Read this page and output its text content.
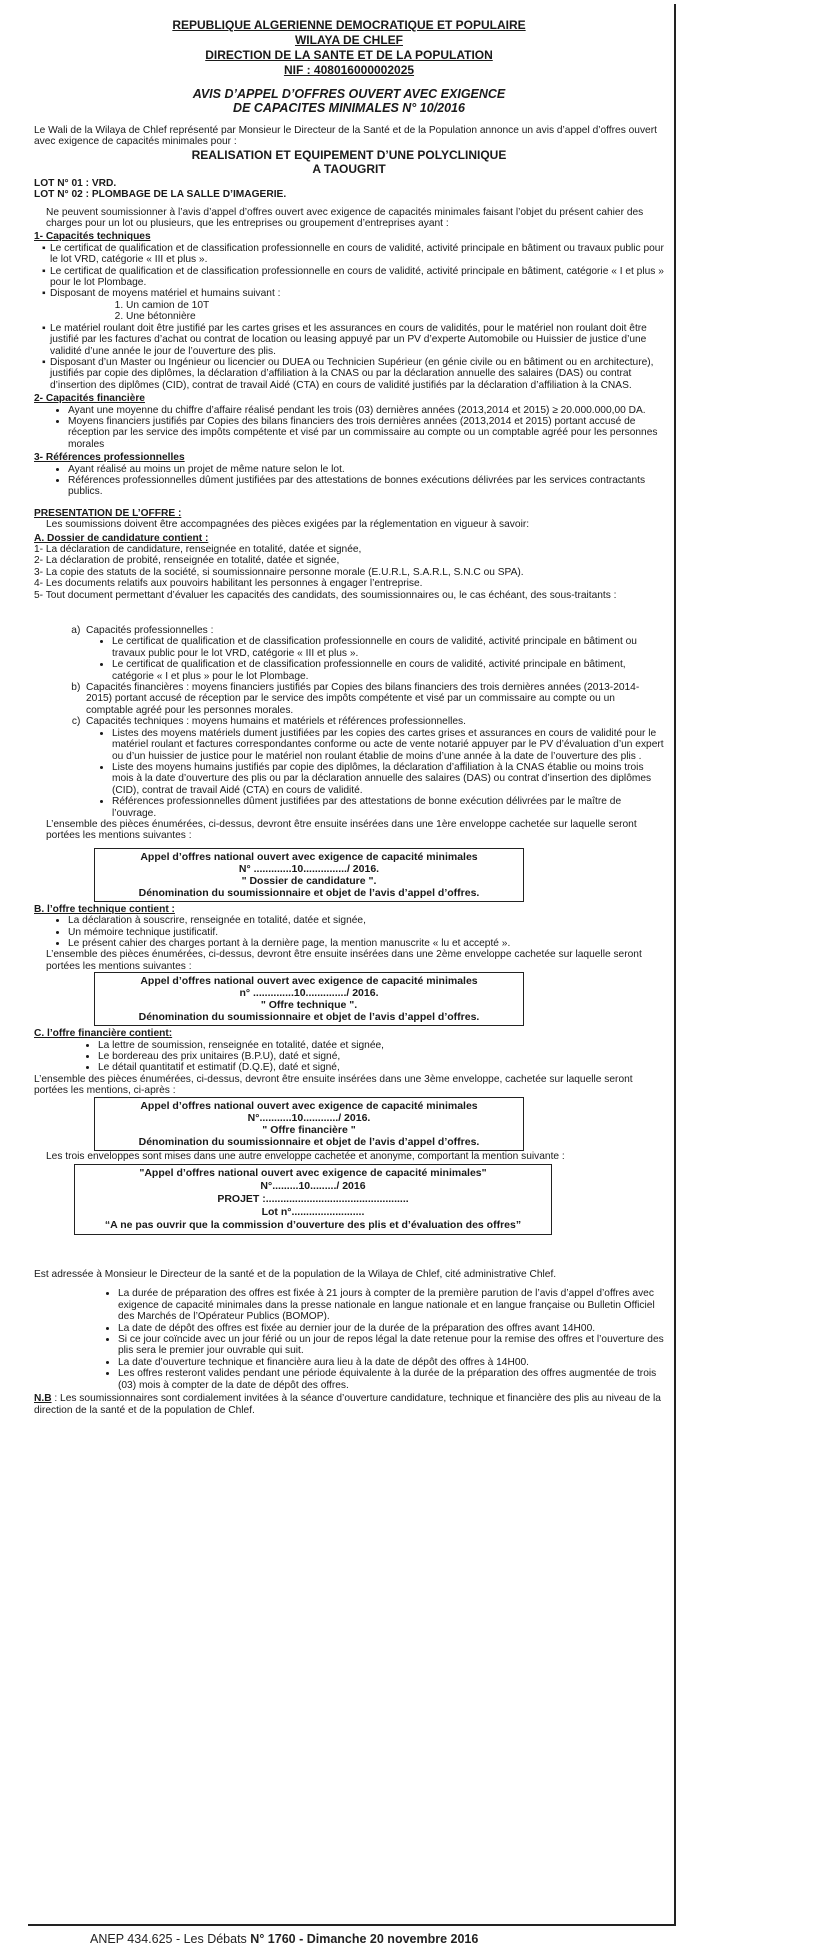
REPUBLIQUE ALGERIENNE DEMOCRATIQUE ET POPULAIRE
WILAYA DE CHLEF
DIRECTION DE LA SANTE ET DE LA POPULATION
NIF : 408016000002025
AVIS D’APPEL D’OFFRES OUVERT AVEC EXIGENCE
DE CAPACITES MINIMALES N° 10/2016

Le Wali de la Wilaya de Chlef représenté par Monsieur le Directeur de la Santé et de la Population annonce un avis d’appel d’offres ouvert avec exigence de capacités minimales pour :

REALISATION ET EQUIPEMENT D’UNE POLYCLINIQUE
A TAOUGRIT
LOT N° 01 : VRD.
LOT N° 02 : PLOMBAGE DE LA SALLE D’IMAGERIE.

Ne peuvent soumissionner à l’avis d’appel d’offres ouvert avec exigence de capacités minimales faisant l’objet du présent cahier des charges pour un lot ou plusieurs, que les entreprises ou groupement d’entreprises ayant :

1- Capacités techniques
▪ Le certificat de qualification et de classification professionnelle en cours de validité, activité principale en bâtiment ou travaux public pour le lot VRD, catégorie « III et plus ».
▪ Le certificat de qualification et de classification professionnelle en cours de validité, activité principale en bâtiment, catégorie « I et plus » pour le lot Plombage.
▪ Disposant de moyens matériel et humains suivant :
1. Un camion de 10T
2. Une bétonnière
▪ Le matériel roulant doit être justifié par les cartes grises et les assurances en cours de validités, pour le matériel non roulant doit être justifié par les factures d’achat ou contrat de location ou leasing appuyé par un PV d’experte Automobile ou Huissier de justice d’une validité d’une année le jour de l’ouverture des plis.
▪ Disposant d’un Master ou Ingénieur ou licencier ou DUEA ou Technicien Supérieur (en génie civile ou en bâtiment ou en architecture), justifiés par copie des diplômes, la déclaration d’affiliation à la CNAS ou par la déclaration annuelle des salaires (DAS) ou contrat d’insertion des diplômes (CID), contrat de travail Aidé (CTA) en cours de validité justifiés par la déclaration d’affiliation à la CNAS.
2- Capacités financière
• Ayant une moyenne du chiffre d’affaire réalisé pendant les trois (03) dernières années (2013,2014 et 2015) ≥ 20.000.000,00 DA.
• Moyens financiers justifiés par Copies des bilans financiers des trois dernières années (2013,2014 et 2015) portant accusé de réception par les service des impôts compétente et visé par un commissaire au compte ou un comptable agréé pour les personnes morales
3- Références professionnelles
• Ayant réalisé au moins un projet de même nature selon le lot.
• Références professionnelles dûment justifiées par des attestations de bonnes exécutions délivrées par les services contractants publics.
PRESENTATION DE L’OFFRE :

Les soumissions doivent être accompagnées des pièces exigées par la réglementation en vigueur à savoir:

A. Dossier de candidature contient :
1- La déclaration de candidature, renseignée en totalité, datée et signée,
2- La déclaration de probité, renseignée en totalité, datée et signée,
3- La copie des statuts de la société, si soumissionnaire personne morale (E.U.R.L, S.A.R.L, S.N.C ou SPA).
4- Les documents relatifs aux pouvoirs habilitant les personnes à engager l’entreprise.
5- Tout document permettant d’évaluer les capacités des candidats, des soumissionnaires ou, le cas échéant, des sous-traitants :
a. Capacités professionnelles :
• Le certificat de qualification et de classification professionnelle en cours de validité, activité principale en bâtiment ou travaux public pour le lot VRD, catégorie « III et plus ».
• Le certificat de qualification et de classification professionnelle en cours de validité, activité principale en bâtiment, catégorie « I et plus » pour le lot Plombage.
b. Capacités financières : moyens financiers justifiés par Copies des bilans financiers des trois dernières années (2013-2014-2015) portant accusé de réception par le service des impôts compétente et visé par un commissaire au compte ou un comptable agréé pour les personnes morales.
c. Capacités techniques : moyens humains et matériels et références professionnelles.
• Listes des moyens matériels dument justifiées par les copies des cartes grises et assurances en cours de validité pour le matériel roulant et factures correspondantes conforme ou acte de vente notarié appuyer par le PV d’évaluation d’un expert ou d’un huissier de justice pour le matériel non roulant établie de moins d’une année à la date de l’ouverture des plis .
• Liste des moyens humains justifiés par copie des diplômes, la déclaration d’affiliation à la CNAS établie ou moins trois mois à la date d’ouverture des plis ou par la déclaration annuelle des salaires (DAS) ou contrat d’insertion des diplômes (CID), contrat de travail Aidé (CTA) en cours de validité.
• Références professionnelles dûment justifiées par des attestations de bonne exécution délivrées par le maître de l’ouvrage.

L’ensemble des pièces énumérées, ci-dessus, devront être ensuite insérées dans une 1ère enveloppe cachetée sur laquelle seront portées les mentions suivantes :

Appel d’offres national ouvert avec exigence de capacité minimales
N° .............10.............../ 2016.
" Dossier de candidature ".
Dénomination du soumissionnaire et objet de l’avis d’appel d’offres.
B. l’offre technique contient :
• La déclaration à souscrire, renseignée en totalité, datée et signée,
• Un mémoire technique justificatif.
• Le présent cahier des charges portant à la dernière page, la mention manuscrite « lu et accepté ».

L’ensemble des pièces énumérées, ci-dessus, devront être ensuite insérées dans une 2ème enveloppe cachetée sur laquelle seront portées les mentions suivantes :

Appel d’offres national ouvert avec exigence de capacité minimales
n° ..............10............../ 2016.
" Offre technique ".
Dénomination du soumissionnaire et objet de l’avis d’appel d’offres.
C. l’offre financière contient:
• La lettre de soumission, renseignée en totalité, datée et signée,
• Le bordereau des prix unitaires (B.P.U), daté et signé,
• Le détail quantitatif et estimatif (D.Q.E), daté et signé,

L’ensemble des pièces énumérées, ci-dessus, devront être ensuite insérées dans une 3ème enveloppe, cachetée sur laquelle seront portées les mentions, ci-après :

Appel d’offres national ouvert avec exigence de capacité minimales
N°...........10............/ 2016.
" Offre financière "
Dénomination du soumissionnaire et objet de l’avis d’appel d’offres.

Les trois enveloppes sont mises dans une autre enveloppe cachetée et anonyme, comportant la mention suivante :

"Appel d’offres national ouvert avec exigence de capacité minimales"
N°.........10........./ 2016
PROJET :.................................................
Lot n°.........................
“A ne pas ouvrir que la commission d’ouverture des plis et d’évaluation des offres”

Est adressée à Monsieur le Directeur de la santé et de la population de la Wilaya de Chlef, cité administrative Chlef.

• La durée de préparation des offres est fixée à 21 jours à compter de la première parution de l’avis d’appel d’offres avec exigence de capacité minimales dans la presse nationale en langue nationale et en langue française ou Bulletin Officiel des Marchés de l’Opérateur Publics (BOMOP).
• La date de dépôt des offres est fixée au dernier jour de la durée de la préparation des offres avant 14H00.
• Si ce jour coïncide avec un jour férié ou un jour de repos légal la date retenue pour la remise des offres et l’ouverture des plis sera le premier jour ouvrable qui suit.
• La date d’ouverture technique et financière aura lieu à la date de dépôt des offres à 14H00.
• Les offres resteront valides pendant une période équivalente à la durée de la préparation des offres augmentée de trois (03) mois à compter de la date de dépôt des offres.

N.B : Les soumissionnaires sont cordialement invitées à la séance d’ouverture candidature, technique et financière des plis au niveau de la direction de la santé et de la population de Chlef.

ANEP 434.625 - Les Débats N° 1760 - Dimanche 20 novembre 2016
